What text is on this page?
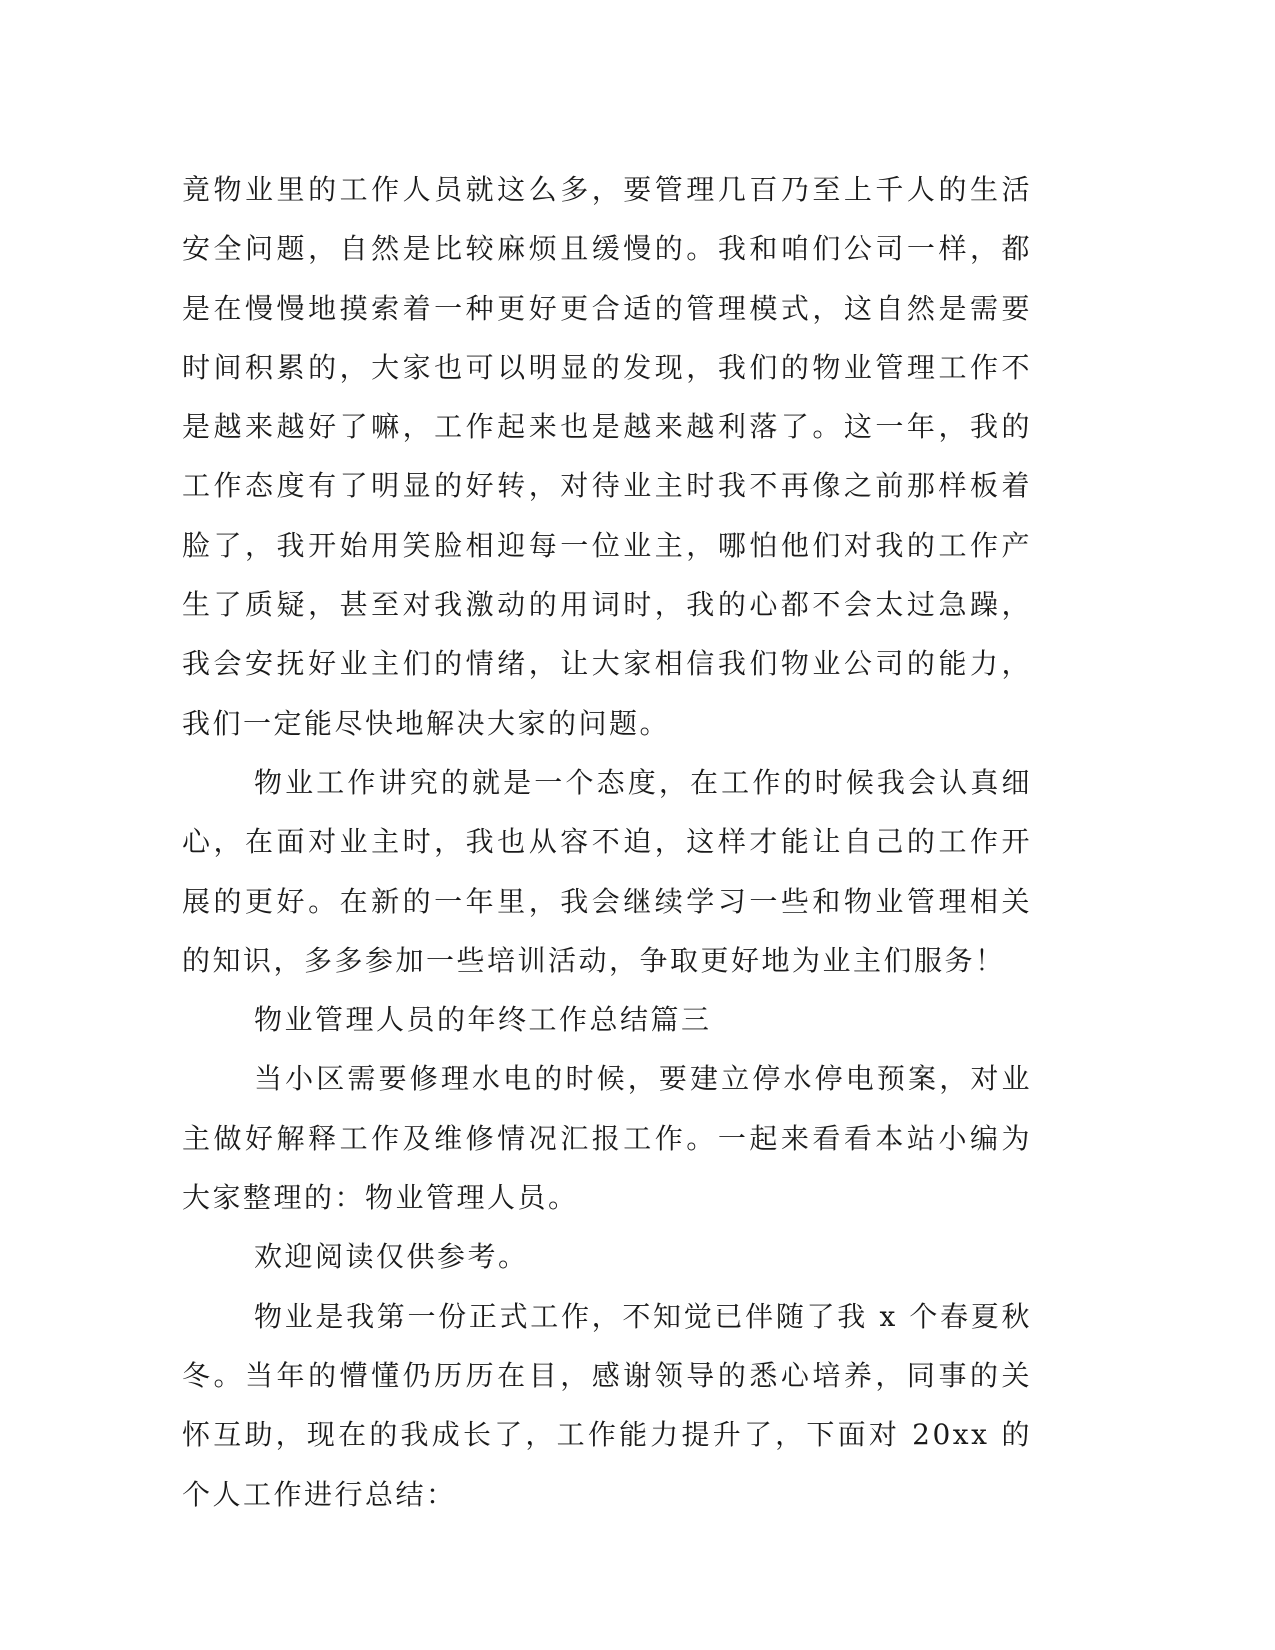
竟物业里的工作人员就这么多，要管理几百乃至上千人的生活安全问题，自然是比较麻烦且缓慢的。我和咱们公司一样，都是在慢慢地摸索着一种更好更合适的管理模式，这自然是需要时间积累的，大家也可以明显的发现，我们的物业管理工作不是越来越好了嘛，工作起来也是越来越利落了。这一年，我的工作态度有了明显的好转，对待业主时我不再像之前那样板着脸了，我开始用笑脸相迎每一位业主，哪怕他们对我的工作产生了质疑，甚至对我激动的用词时，我的心都不会太过急躁，我会安抚好业主们的情绪，让大家相信我们物业公司的能力，我们一定能尽快地解决大家的问题。

物业工作讲究的就是一个态度，在工作的时候我会认真细心，在面对业主时，我也从容不迫，这样才能让自己的工作开展的更好。在新的一年里，我会继续学习一些和物业管理相关的知识，多多参加一些培训活动，争取更好地为业主们服务！

物业管理人员的年终工作总结篇三

当小区需要修理水电的时候，要建立停水停电预案，对业主做好解释工作及维修情况汇报工作。一起来看看本站小编为大家整理的：物业管理人员。

欢迎阅读仅供参考。

物业是我第一份正式工作，不知觉已伴随了我 x 个春夏秋冬。当年的懵懂仍历历在目，感谢领导的悉心培养，同事的关怀互助，现在的我成长了，工作能力提升了，下面对 20xx 的个人工作进行总结：
